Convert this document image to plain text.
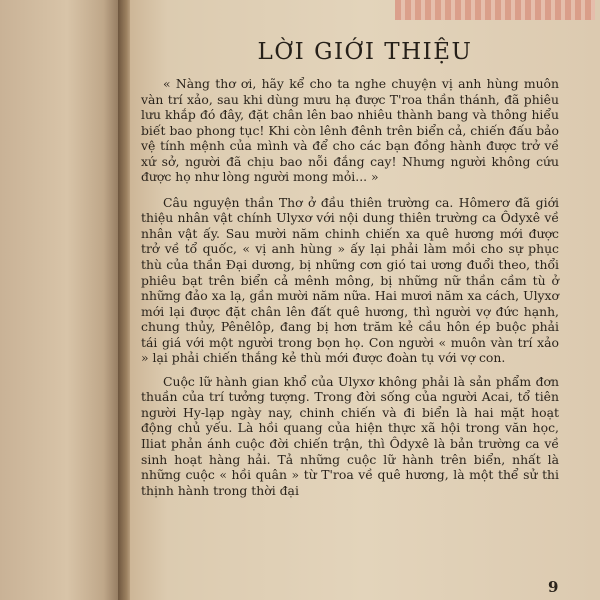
LỜI GIỚI THIỆU

« Nàng thơ ơi, hãy kể cho ta nghe chuyện vị anh hùng muôn vàn trí xảo, sau khi dùng mưu hạ được T'roa thần thánh, đã phiêu lưu khắp đó đây, đặt chân lên bao nhiêu thành bang và thông hiểu biết bao phong tục! Khi còn lênh đênh trên biển cả, chiến đấu bảo vệ tính mệnh của mình và để cho các bạn đồng hành được trở về xứ sở, người đã chịu bao nỗi đắng cay! Nhưng người không cứu được họ như lòng người mong mỏi... »

Câu nguyện thần Thơ ở đầu thiên trường ca. Hômerơ đã giới thiệu nhân vật chính Ulyxơ với nội dung thiên trường ca Ôdyxê về nhân vật ấy. Sau mười năm chinh chiến xa quê hương mới được trở về tổ quốc, « vị anh hùng » ấy lại phải làm mồi cho sự phục thù của thần Đại dương, bị những cơn gió tai ương đuổi theo, thổi phiêu bạt trên biển cả mênh mông, bị những nữ thần cầm tù ở những đảo xa lạ, gần mười năm nữa. Hai mươi năm xa cách, Ulyxơ mới lại được đặt chân lên đất quê hương, thì người vợ đức hạnh, chung thủy, Pênêlôp, đang bị hơn trăm kẻ cầu hôn ép buộc phải tái giá với một người trong bọn họ. Con người « muôn vàn trí xảo » lại phải chiến thắng kẻ thù mới được đoàn tụ với vợ con.

Cuộc lữ hành gian khổ của Ulyxơ không phải là sản phẩm đơn thuần của trí tưởng tượng. Trong đời sống của người Acai, tổ tiên người Hy-lạp ngày nay, chinh chiến và đi biển là hai mặt hoạt động chủ yếu. Là hồi quang của hiện thực xã hội trong văn học, Iliat phản ánh cuộc đời chiến trận, thì Ôdyxê là bản trường ca về sinh hoạt hàng hải. Tả những cuộc lữ hành trên biển, nhất là những cuộc « hồi quân » từ T'roa về quê hương, là một thể sử thi thịnh hành trong thời đại

9
